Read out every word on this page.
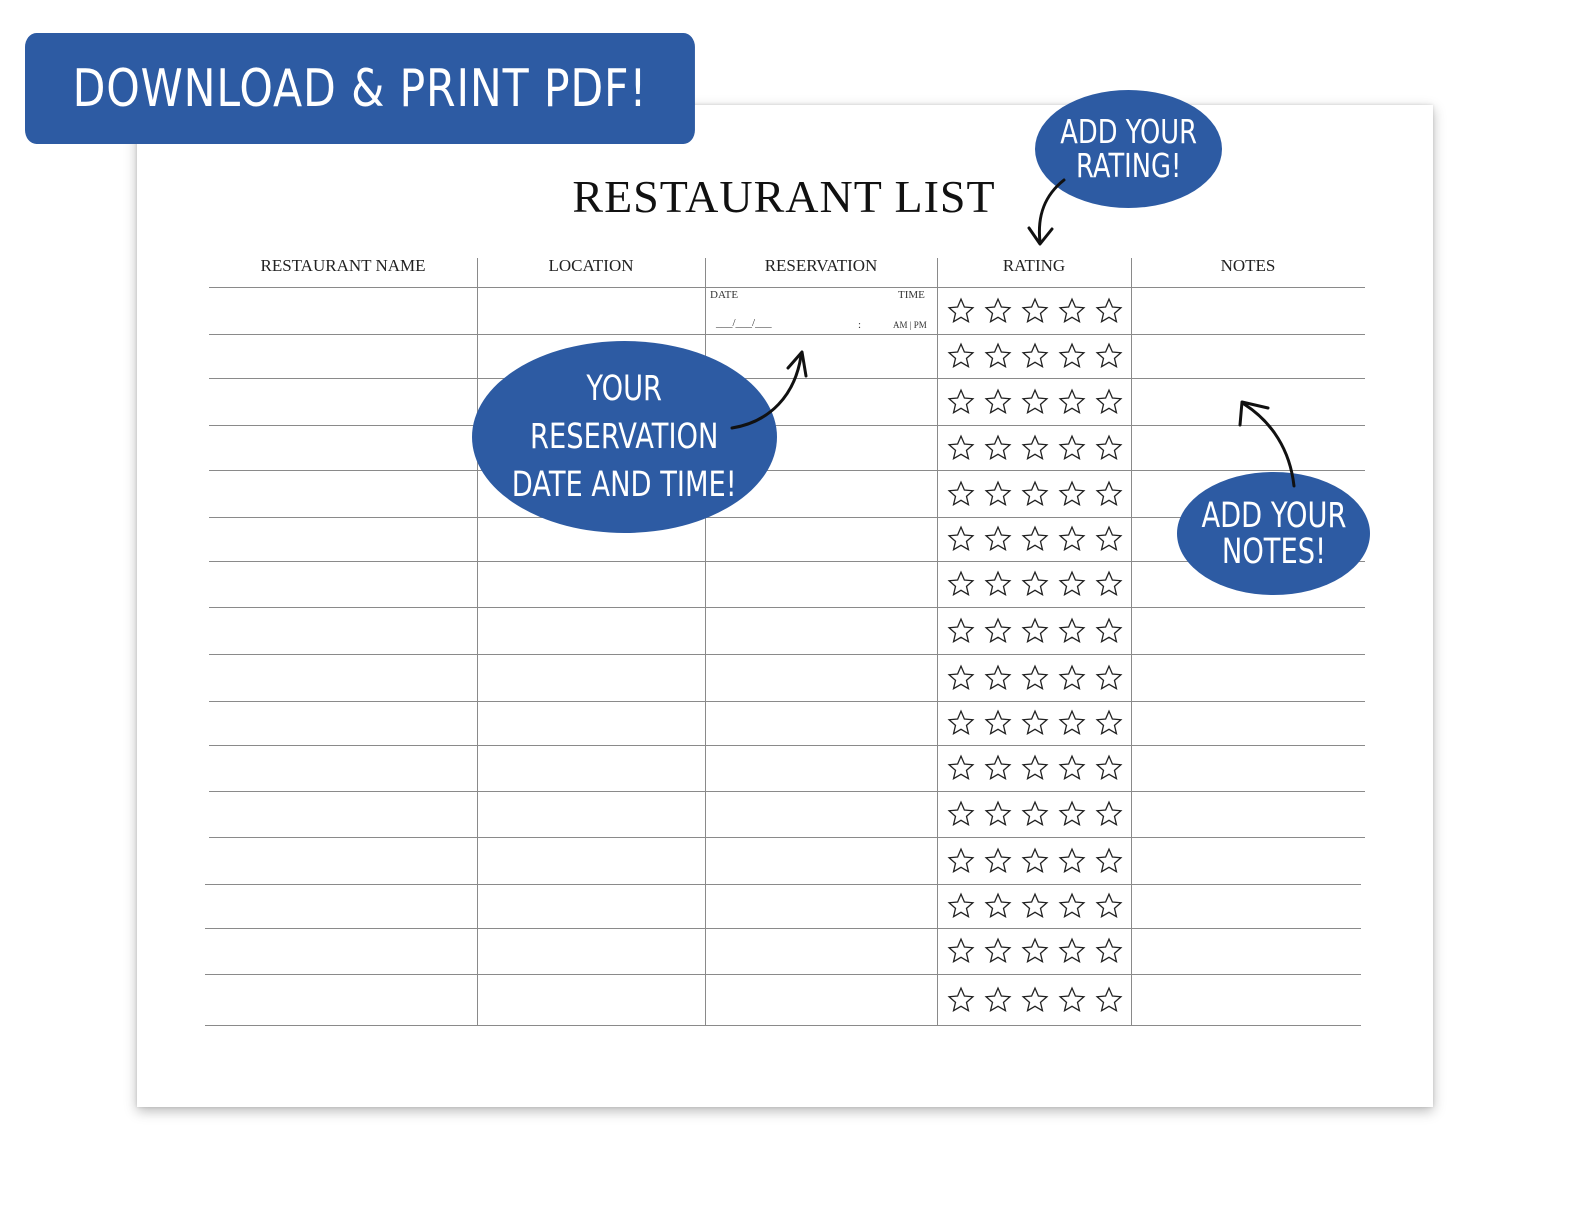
DOWNLOAD & PRINT PDF!
RESTAURANT LIST
RESTAURANT NAME	LOCATION	RESERVATION	RATING	NOTES
DATE	TIME
___/___/___	:	AM | PM
ADD YOUR
RATING!
YOUR
RESERVATION
DATE AND TIME!
ADD YOUR
NOTES!
